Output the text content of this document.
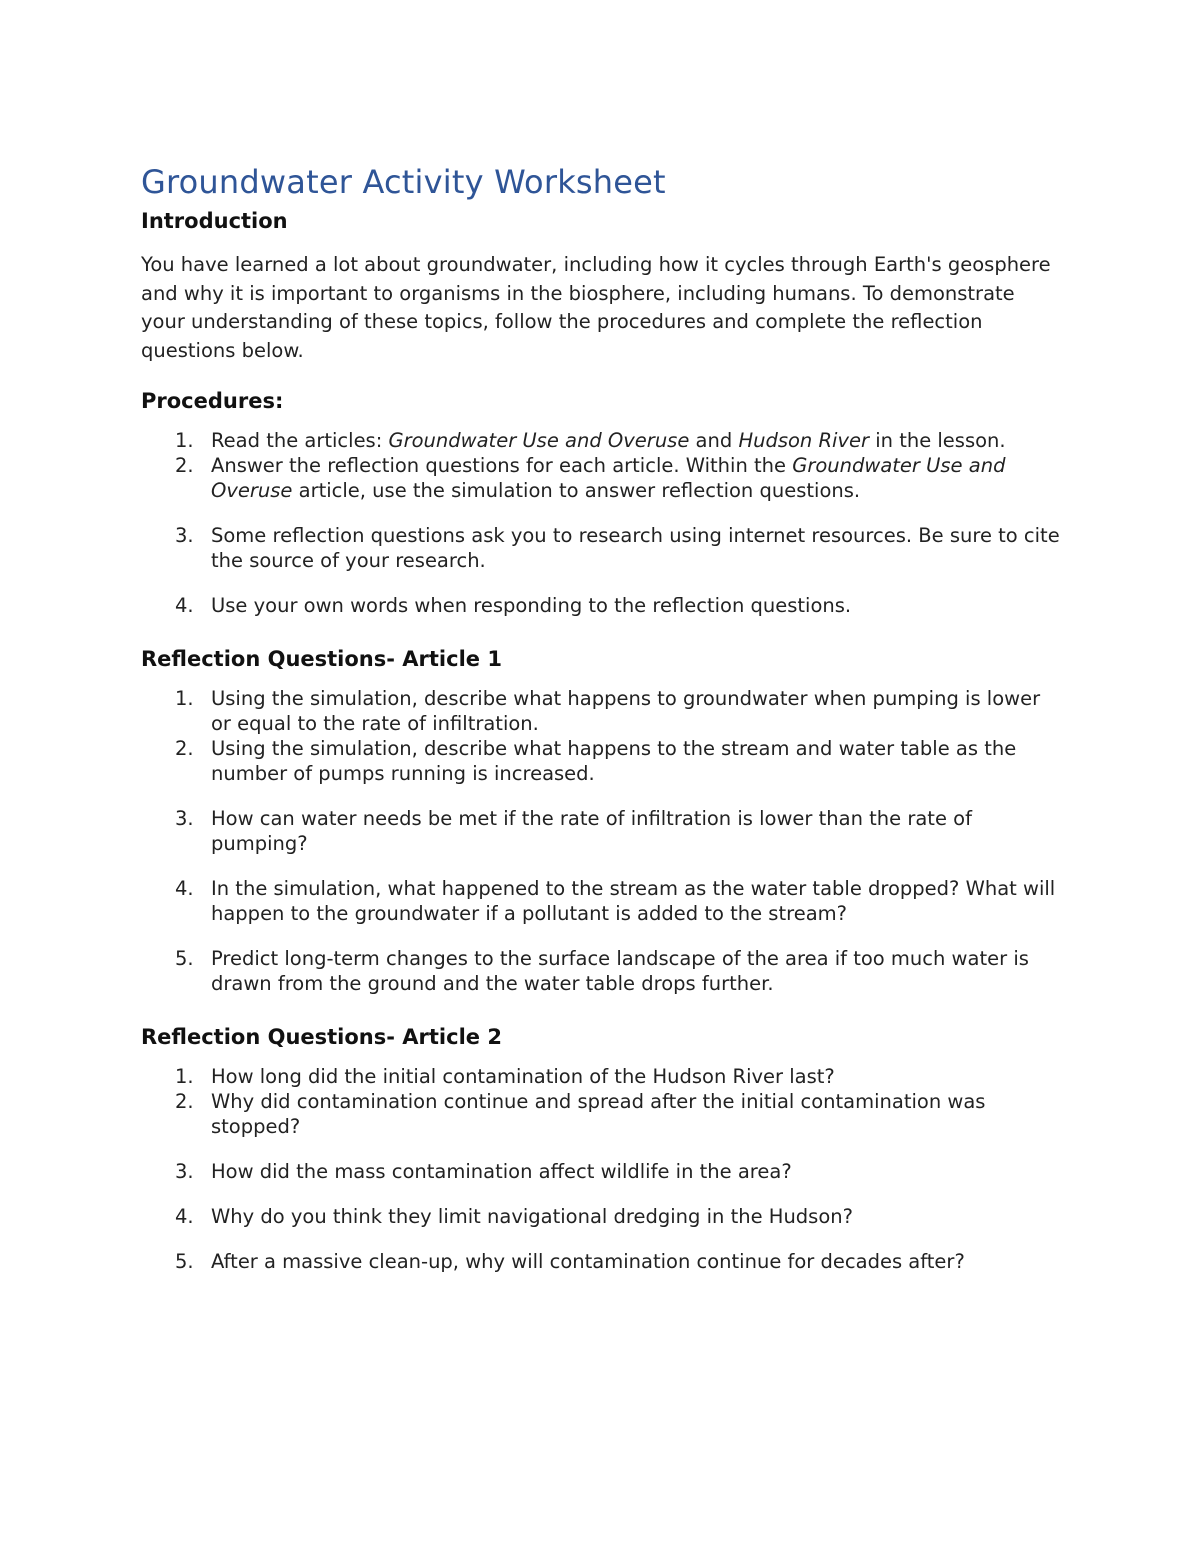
Groundwater Activity Worksheet
Introduction

You have learned a lot about groundwater, including how it cycles through Earth's geosphere and why it is important to organisms in the biosphere, including humans. To demonstrate your understanding of these topics, follow the procedures and complete the reflection questions below.

Procedures:
1. Read the articles: Groundwater Use and Overuse and Hudson River in the lesson.
2. Answer the reflection questions for each article. Within the Groundwater Use and Overuse article, use the simulation to answer reflection questions.
3. Some reflection questions ask you to research using internet resources. Be sure to cite the source of your research.
4. Use your own words when responding to the reflection questions.
Reflection Questions- Article 1
1. Using the simulation, describe what happens to groundwater when pumping is lower or equal to the rate of infiltration.
2. Using the simulation, describe what happens to the stream and water table as the number of pumps running is increased.
3. How can water needs be met if the rate of infiltration is lower than the rate of pumping?
4. In the simulation, what happened to the stream as the water table dropped? What will happen to the groundwater if a pollutant is added to the stream?
5. Predict long-term changes to the surface landscape of the area if too much water is drawn from the ground and the water table drops further.
Reflection Questions- Article 2
1. How long did the initial contamination of the Hudson River last?
2. Why did contamination continue and spread after the initial contamination was stopped?
3. How did the mass contamination affect wildlife in the area?
4. Why do you think they limit navigational dredging in the Hudson?
5. After a massive clean-up, why will contamination continue for decades after?
